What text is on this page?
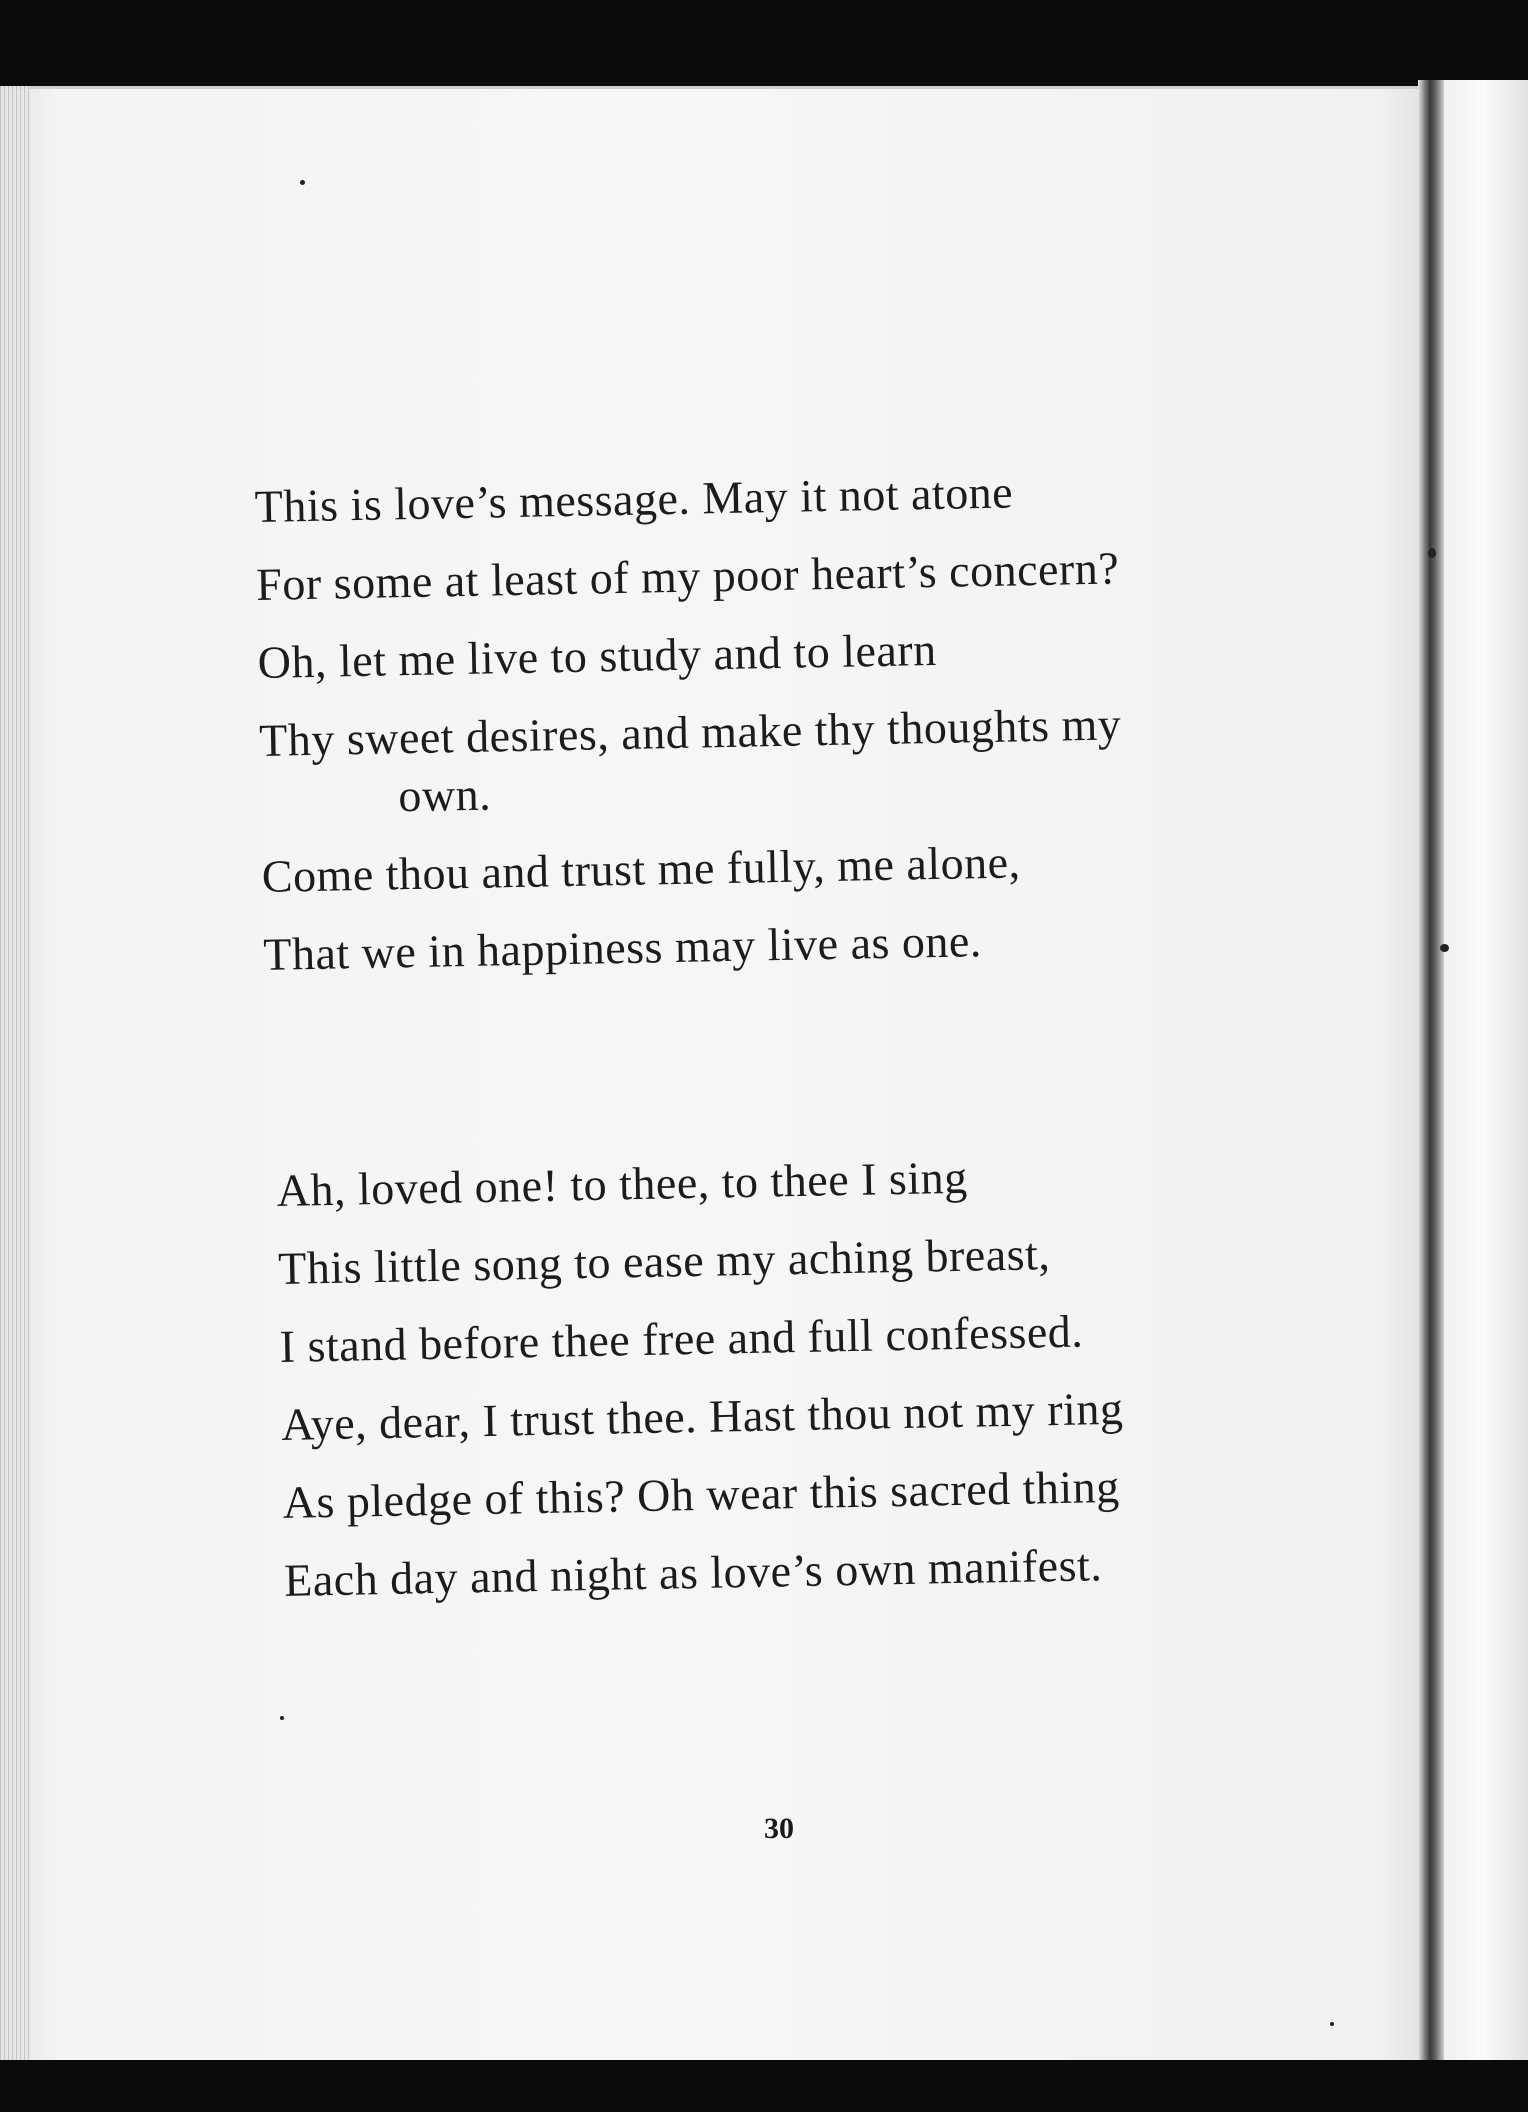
This is love’s message. May it not atone
For some at least of my poor heart’s concern?
Oh, let me live to study and to learn
Thy sweet desires, and make thy thoughts my
own.
Come thou and trust me fully, me alone,
That we in happiness may live as one.
Ah, loved one! to thee, to thee I sing
This little song to ease my aching breast,
I stand before thee free and full confessed.
Aye, dear, I trust thee. Hast thou not my ring
As pledge of this? Oh wear this sacred thing
Each day and night as love’s own manifest.
30
